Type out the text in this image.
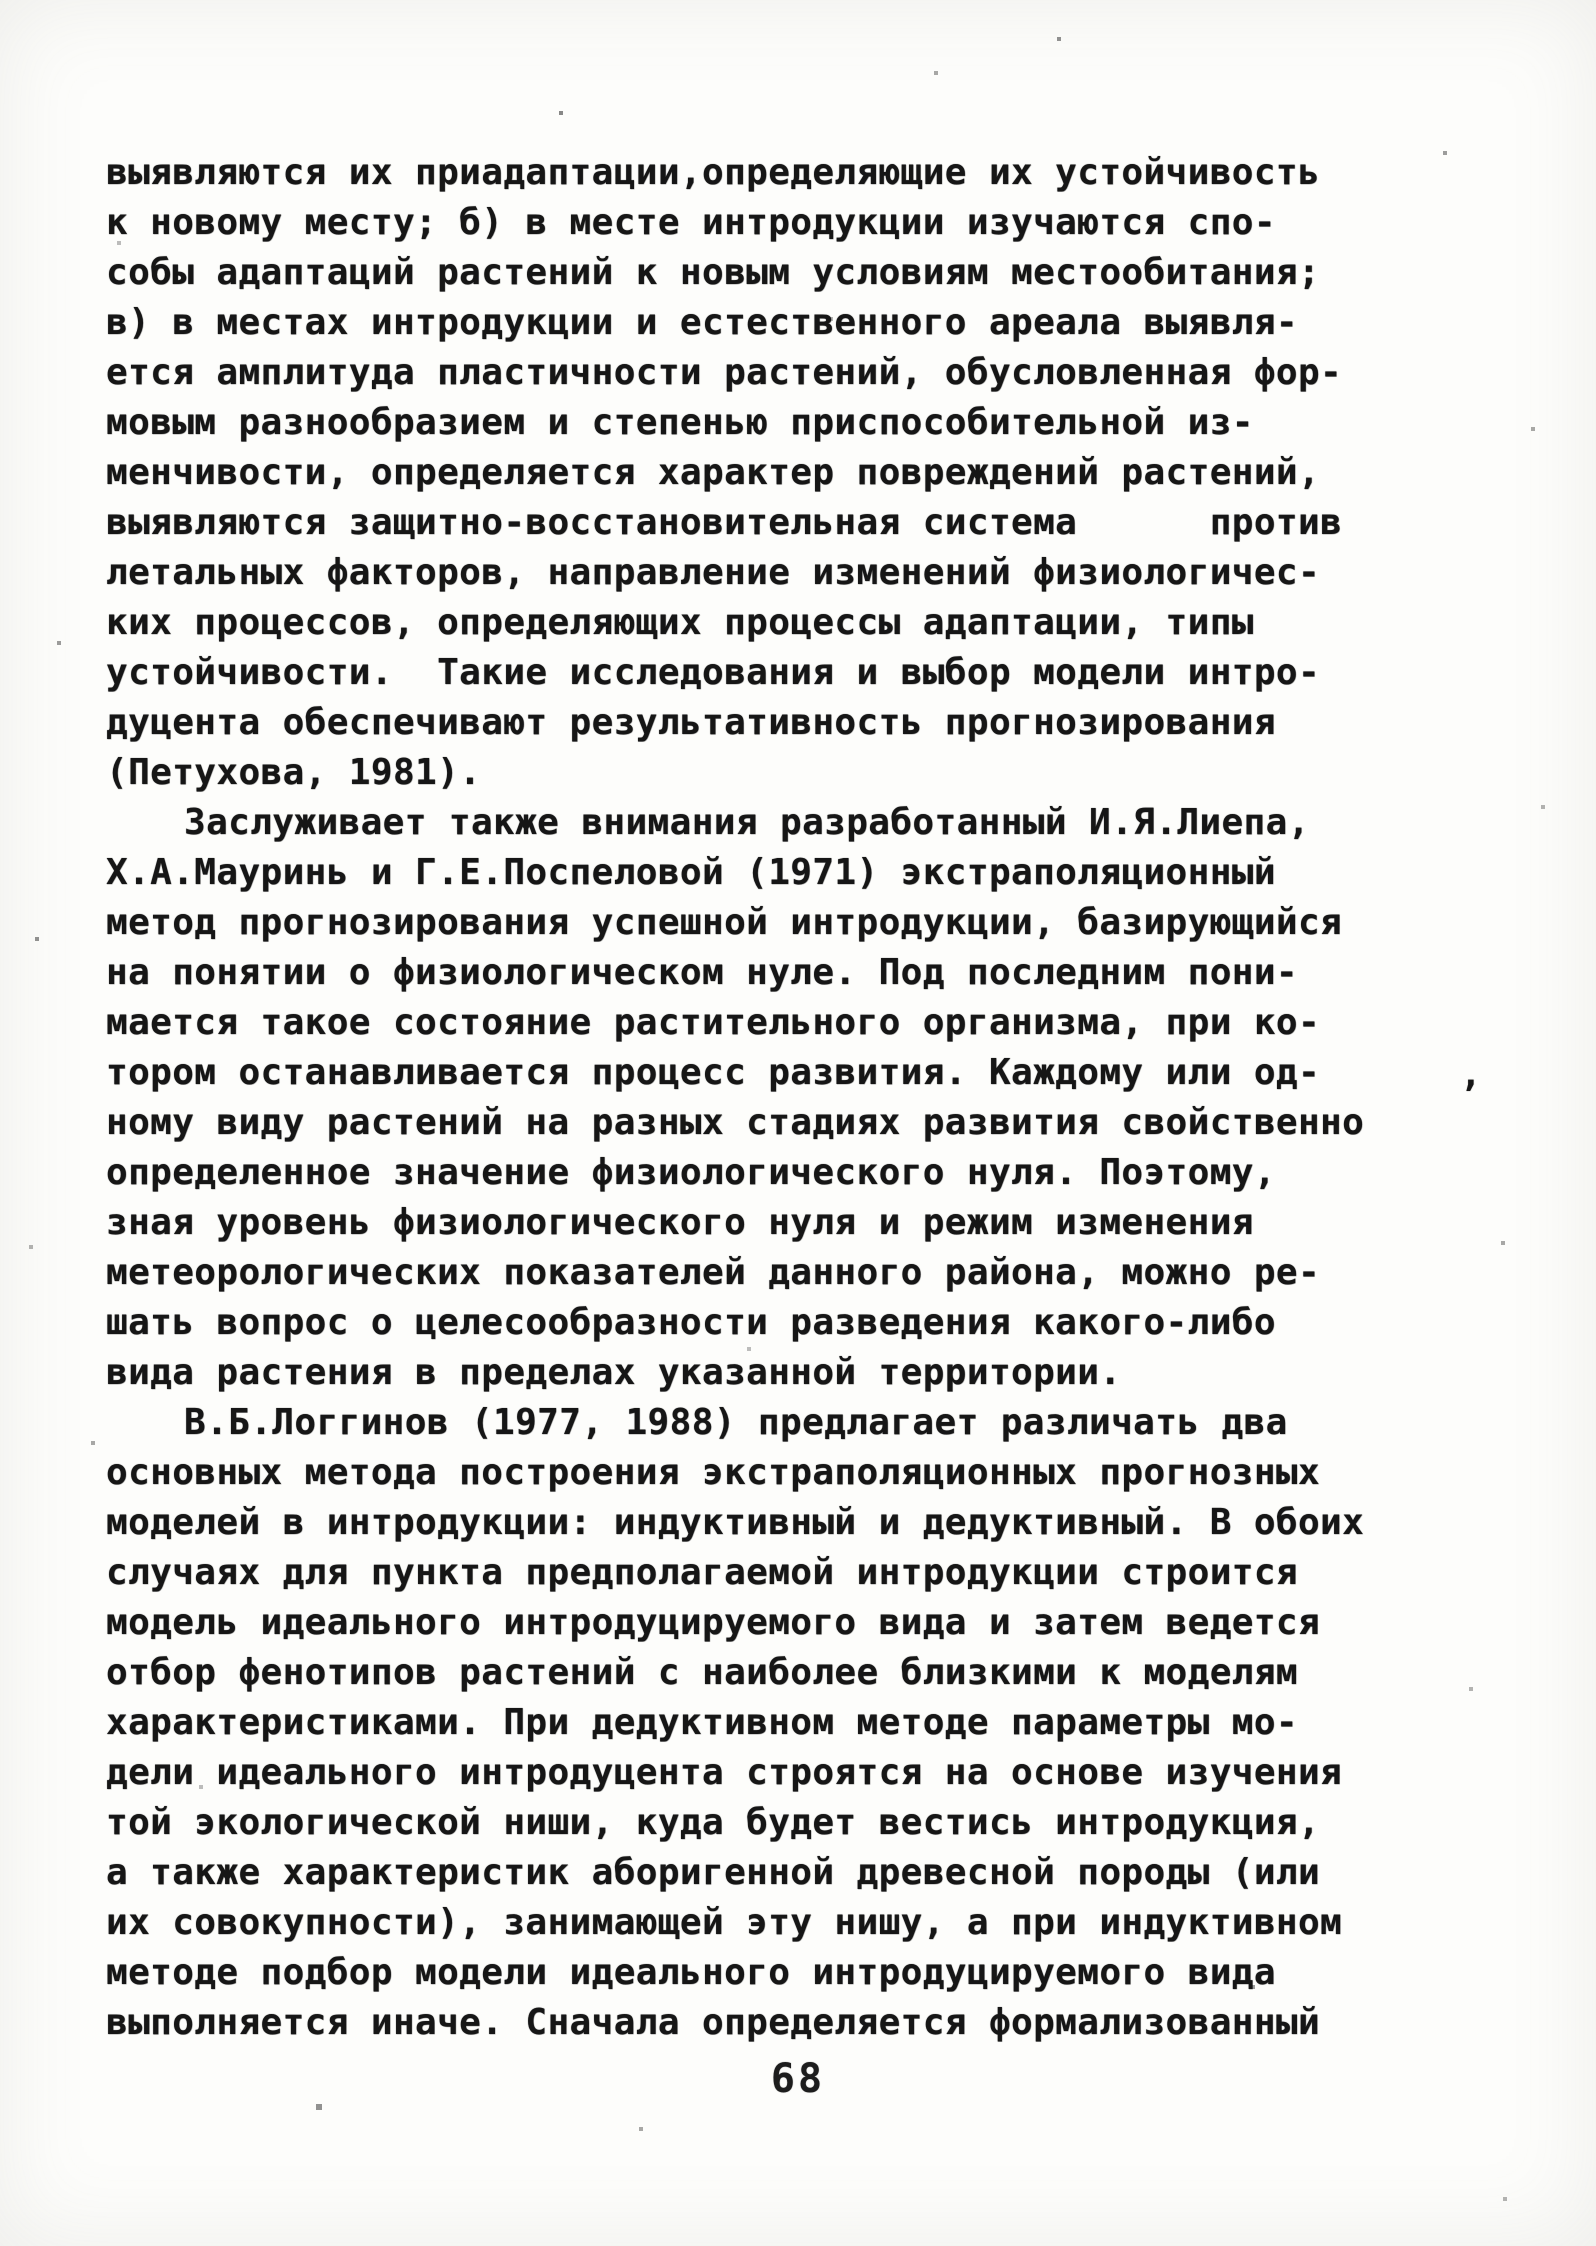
выявляются их приадаптации,определяющие их устойчивость
к новому месту; б) в месте интродукции изучаются спо-
собы адаптаций растений к новым условиям местообитания;
в) в местах интродукции и естественного ареала выявля-
ется амплитуда пластичности растений, обусловленная фор-
мовым разнообразием и степенью приспособительной из-
менчивости, определяется характер повреждений растений,
выявляются защитно-восстановительная система      против
летальных факторов, направление изменений физиологичес-
ких процессов, определяющих процессы адаптации, типы
устойчивости.  Такие исследования и выбор модели интро-
дуцента обеспечивают результативность прогнозирования
(Петухова, 1981).
Заслуживает также внимания разработанный И.Я.Лиепа,
Х.А.Мауринь и Г.Е.Поспеловой (1971) экстраполяционный
метод прогнозирования успешной интродукции, базирующийся
на понятии о физиологическом нуле. Под последним пони-
мается такое состояние растительного организма, при ко-
тором останавливается процесс развития. Каждому или од-
ному виду растений на разных стадиях развития свойственно
определенное значение физиологического нуля. Поэтому,
зная уровень физиологического нуля и режим изменения
метеорологических показателей данного района, можно ре-
шать вопрос о целесообразности разведения какого-либо
вида растения в пределах указанной территории.
В.Б.Логгинов (1977, 1988) предлагает различать два
основных метода построения экстраполяционных прогнозных
моделей в интродукции: индуктивный и дедуктивный. В обоих
случаях для пункта предполагаемой интродукции строится
модель идеального интродуцируемого вида и затем ведется
отбор фенотипов растений с наиболее близкими к моделям
характеристиками. При дедуктивном методе параметры мо-
дели идеального интродуцента строятся на основе изучения
той экологической ниши, куда будет вестись интродукция,
а также характеристик аборигенной древесной породы (или
их совокупности), занимающей эту нишу, а при индуктивном
методе подбор модели идеального интродуцируемого вида
выполняется иначе. Сначала определяется формализованный
,
68
